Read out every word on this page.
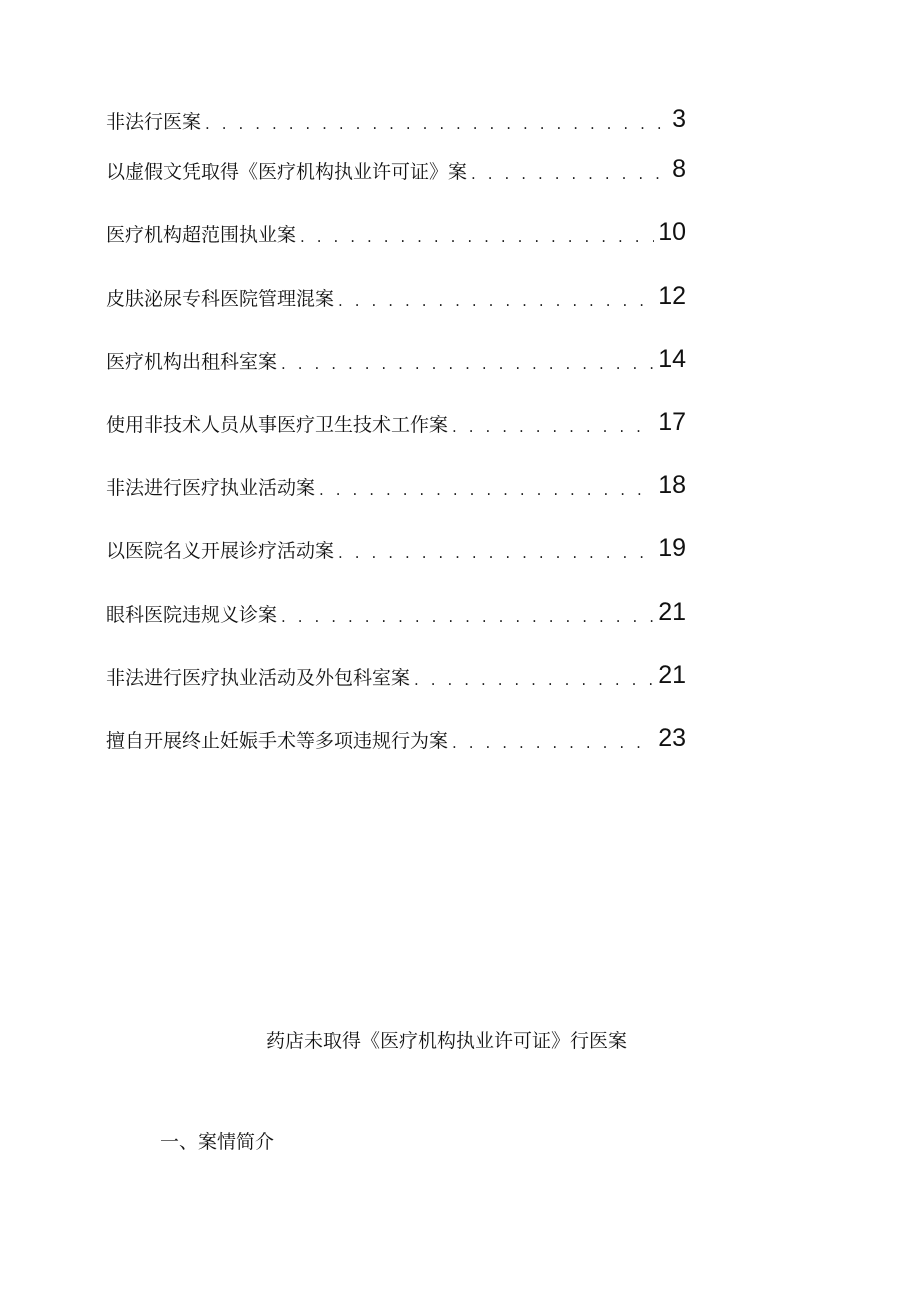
非法行医案 . . .	3
以虚假文凭取得《医疗机构执业许可证》案 . . .	8
医疗机构超范围执业案 . . .	10
皮肤泌尿专科医院管理混案 . . .	12
医疗机构出租科室案 . . .	14
使用非技术人员从事医疗卫生技术工作案 . . .	17
非法进行医疗执业活动案 . . .	18
以医院名义开展诊疗活动案 . . .	19
眼科医院违规义诊案 . . .	21
非法进行医疗执业活动及外包科室案 . . .	21
擅自开展终止妊娠手术等多项违规行为案 . . .	23
药店未取得《医疗机构执业许可证》行医案
一、案情简介
